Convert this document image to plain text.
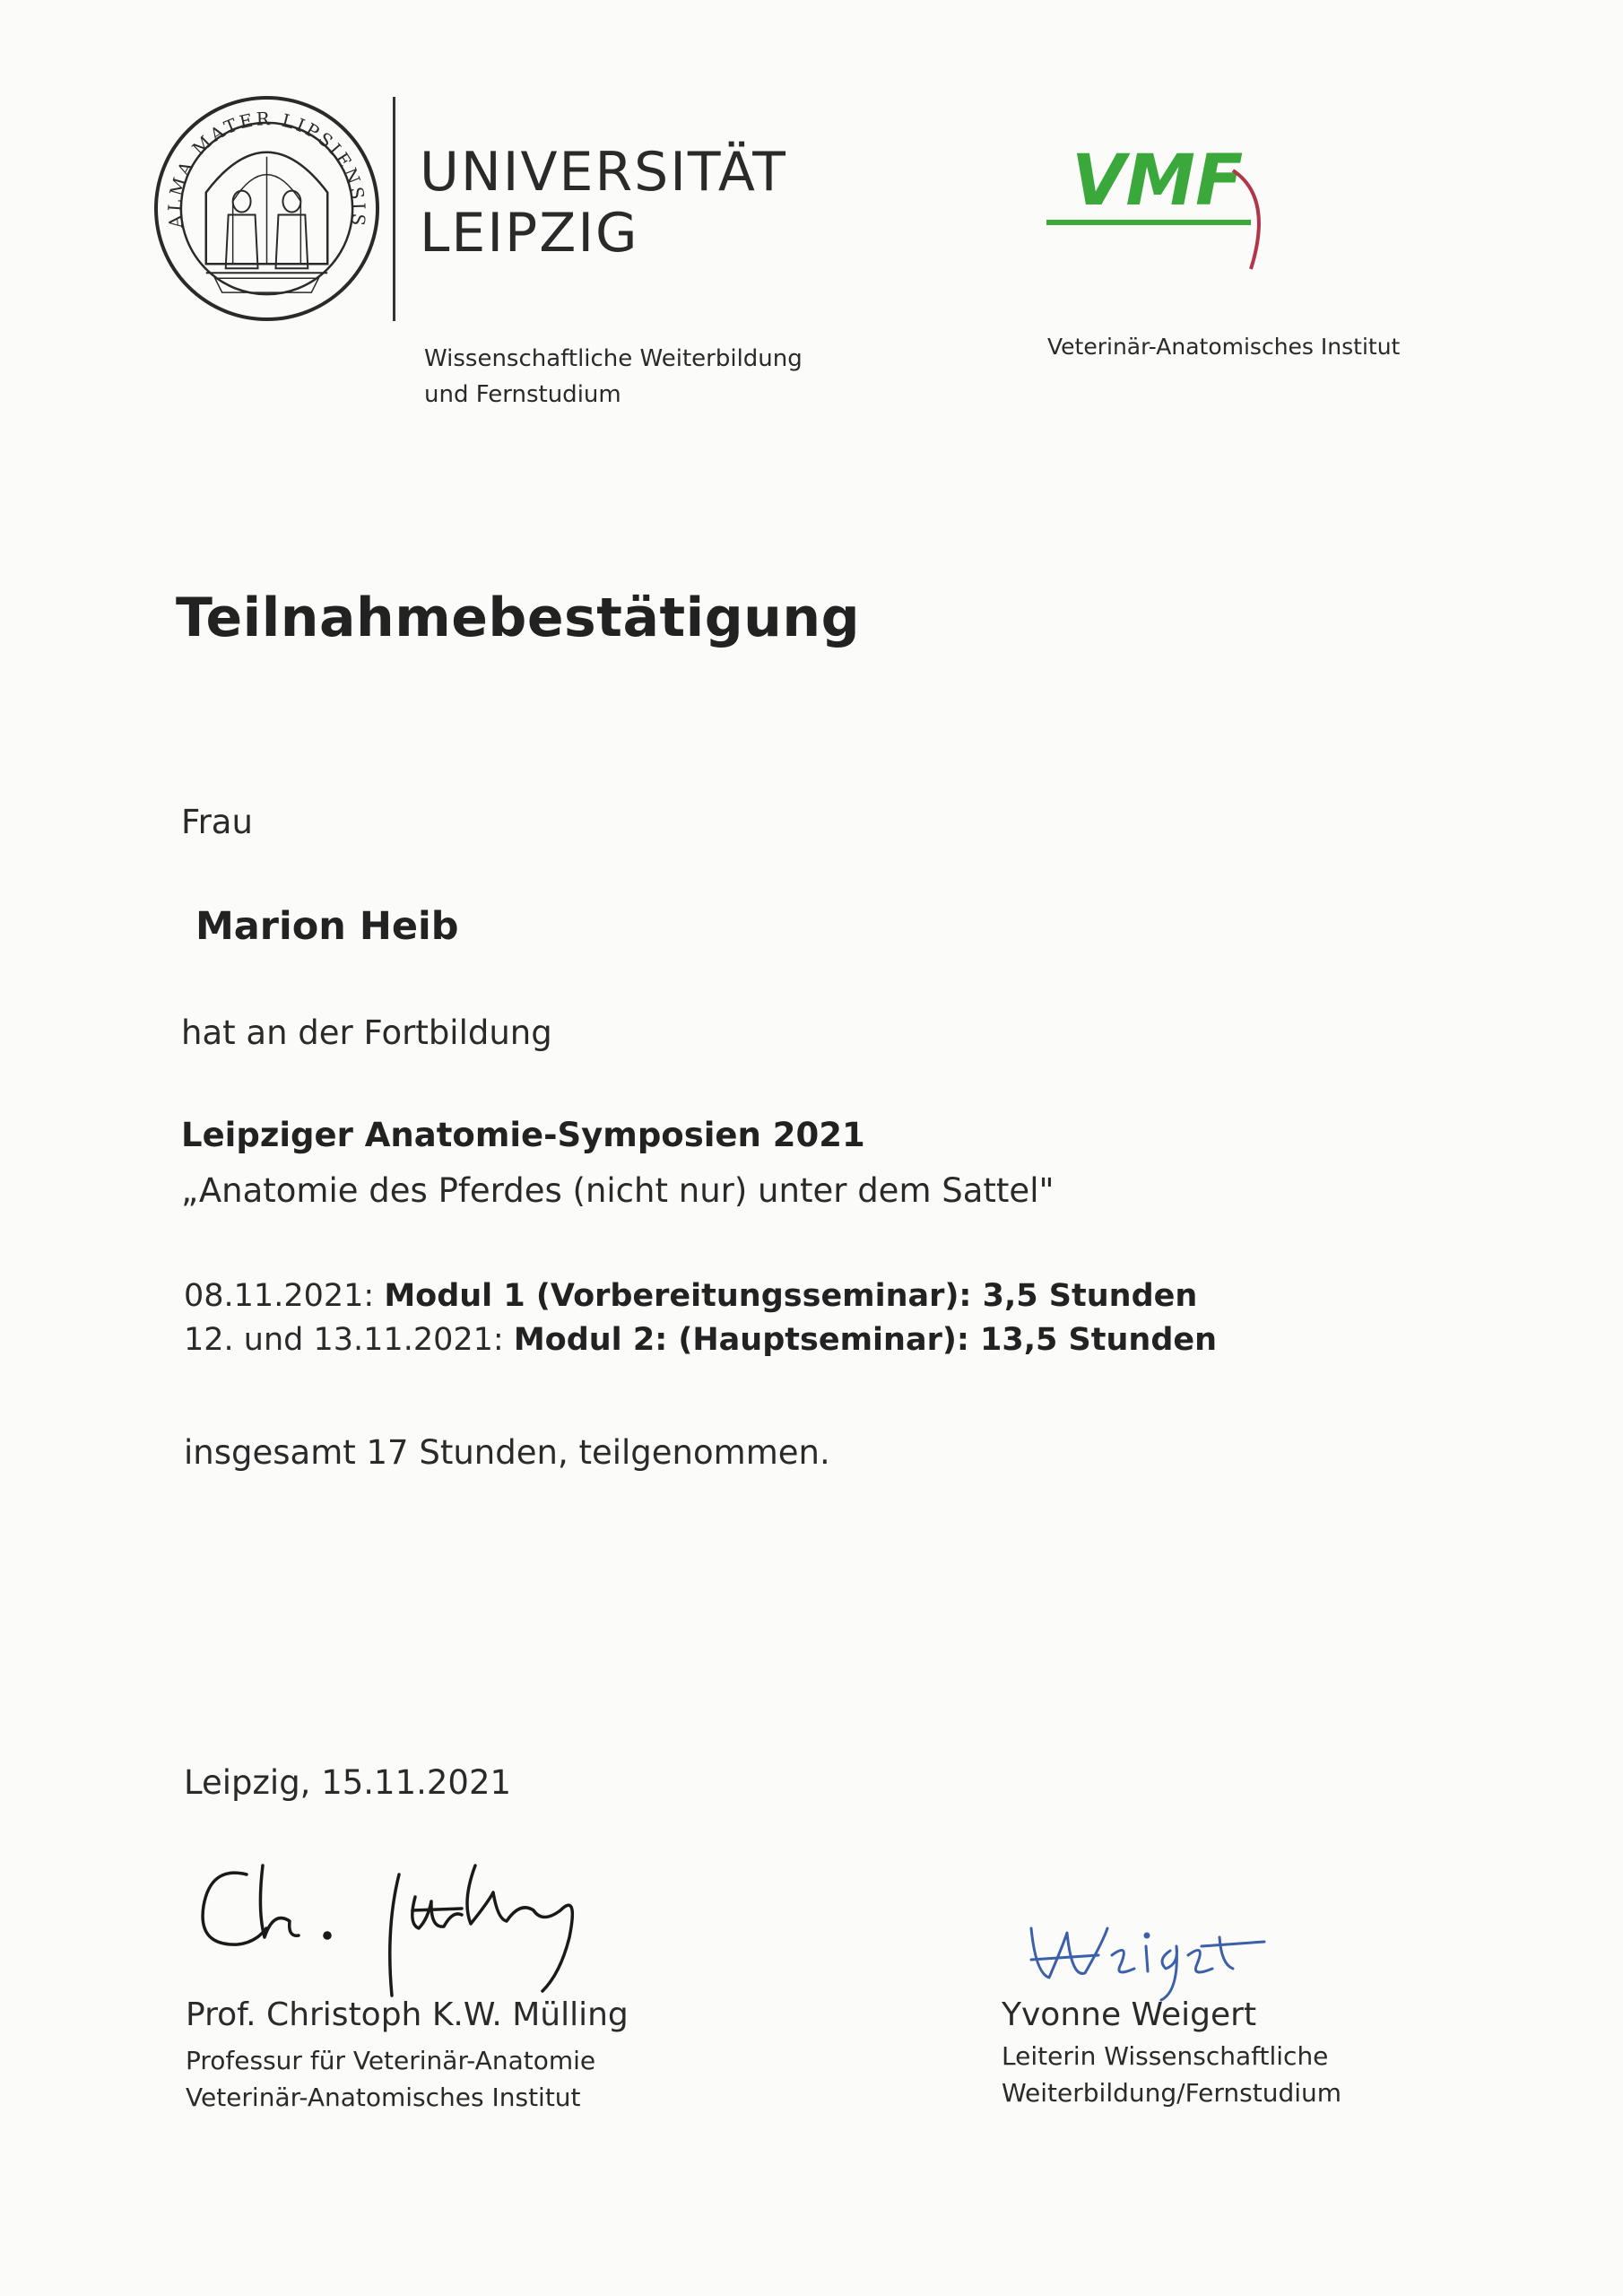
ALMA MATER LIPSIENSIS
UNIVERSITÄT
LEIPZIG
Wissenschaftliche Weiterbildung
und Fernstudium
VMF
Veterinär-Anatomisches Institut
Teilnahmebestätigung
Frau
Marion Heib
hat an der Fortbildung
Leipziger Anatomie-Symposien 2021
„Anatomie des Pferdes (nicht nur) unter dem Sattel"
08.11.2021: Modul 1 (Vorbereitungsseminar): 3,5 Stunden
12. und 13.11.2021: Modul 2: (Hauptseminar): 13,5 Stunden
insgesamt 17 Stunden, teilgenommen.
Leipzig, 15.11.2021
Prof. Christoph K.W. Mülling
Professur für Veterinär-Anatomie
Veterinär-Anatomisches Institut
Yvonne Weigert
Leiterin Wissenschaftliche
Weiterbildung/Fernstudium
